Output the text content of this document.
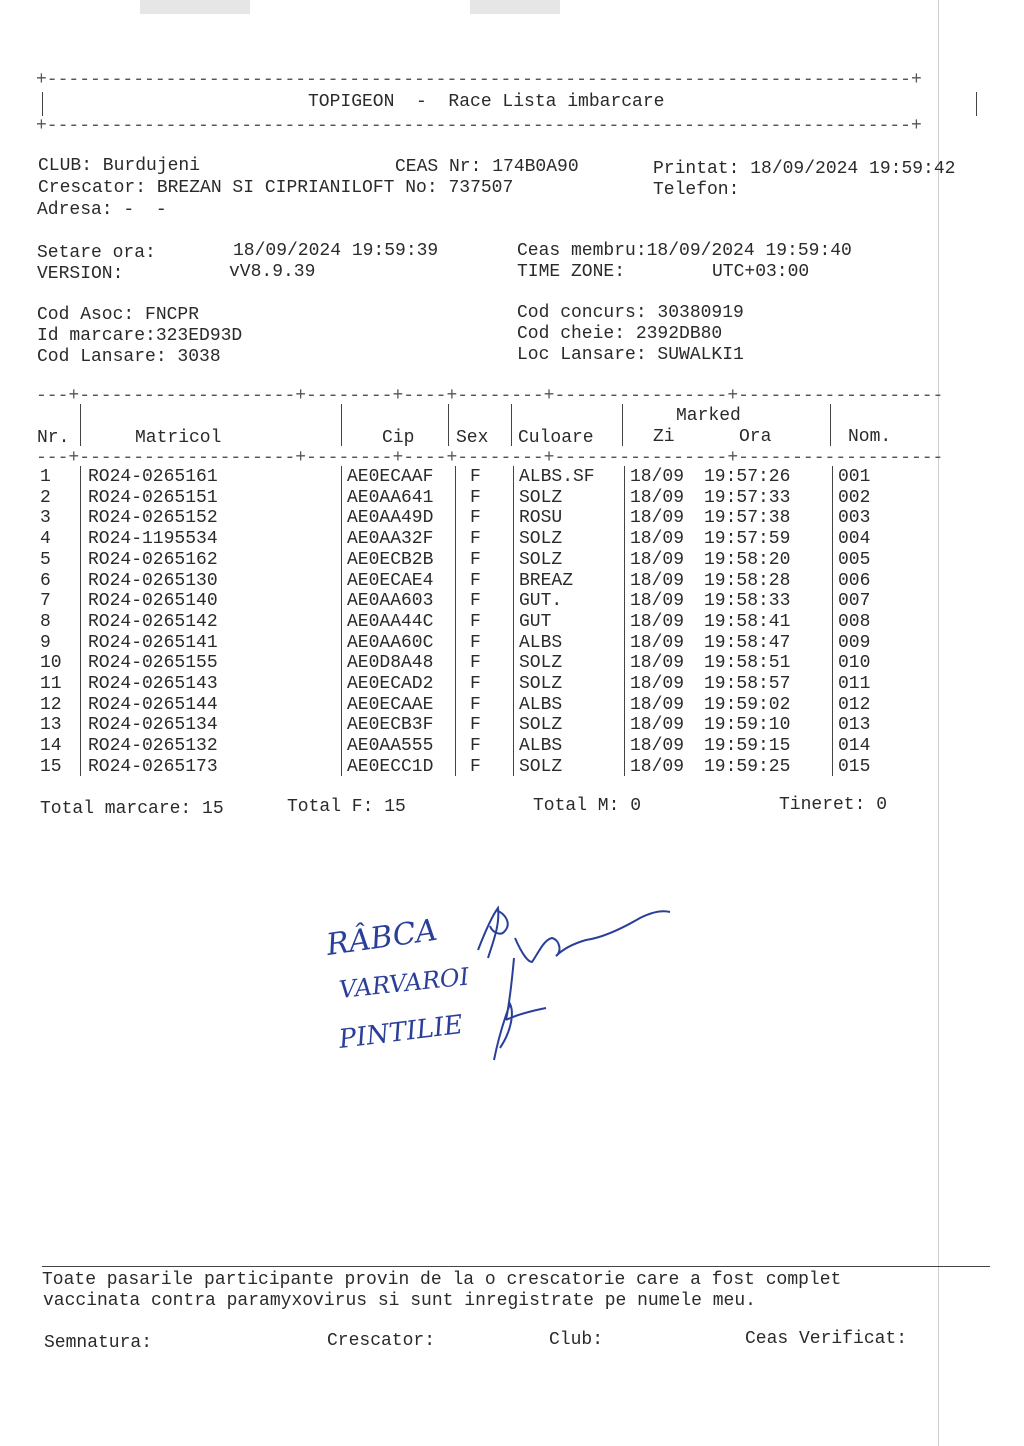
+--------------------------------------------------------------------------------+
TOPIGEON  -  Race Lista imbarcare
+--------------------------------------------------------------------------------+
CLUB: Burdujeni	CEAS Nr: 174B0A90	Printat: 18/09/2024 19:59:42
Crescator: BREZAN SI CIPRIANILOFT No: 737507	Telefon:
Adresa: -  -
Setare ora:	18/09/2024 19:59:39	Ceas membru:18/09/2024 19:59:40
VERSION:	vV8.9.39	TIME ZONE:	UTC+03:00
Cod Asoc: FNCPR	Cod concurs: 30380919
Id marcare:323ED93D	Cod cheie: 2392DB80
Cod Lansare: 3038	Loc Lansare: SUWALKI1
---+--------------------+--------+----+--------+----------------+-------------------
Marked
Nr.	Matricol	Cip Sex Culoare	Zi	Ora	Nom.
---+--------------------+--------+----+--------+----------------+-------------------
1 RO24-0265161	AE0ECAAF F ALBS.SF 18/09 19:57:26	001
2 RO24-0265151	AE0AA641 F SOLZ	18/09 19:57:33	002
3 RO24-0265152	AE0AA49D F ROSU	18/09 19:57:38	003
4 RO24-1195534	AE0AA32F F SOLZ	18/09 19:57:59	004
5 RO24-0265162	AE0ECB2B F SOLZ	18/09 19:58:20	005
6 RO24-0265130	AE0ECAE4 F BREAZ	18/09 19:58:28	006
7 RO24-0265140	AE0AA603 F GUT.	18/09 19:58:33	007
8 RO24-0265142	AE0AA44C F GUT	18/09 19:58:41	008
9 RO24-0265141	AE0AA60C F ALBS	18/09 19:58:47	009
10 RO24-0265155	AE0D8A48 F SOLZ	18/09 19:58:51	010
11 RO24-0265143	AE0ECAD2 F SOLZ	18/09 19:58:57	011
12 RO24-0265144	AE0ECAAE F ALBS	18/09 19:59:02	012
13 RO24-0265134	AE0ECB3F F SOLZ	18/09 19:59:10	013
14 RO24-0265132	AE0AA555 F ALBS	18/09 19:59:15	014
15 RO24-0265173	AE0ECC1D F SOLZ	18/09 19:59:25	015
Total marcare: 15	Total F: 15	Total M: 0	Tineret: 0
RÂBCA
VARVAROI
PINTILIE
Toate pasarile participante provin de la o crescatorie care a fost complet
vaccinata contra paramyxovirus si sunt inregistrate pe numele meu.
Semnatura:	Crescator:	Club:	Ceas Verificat:
